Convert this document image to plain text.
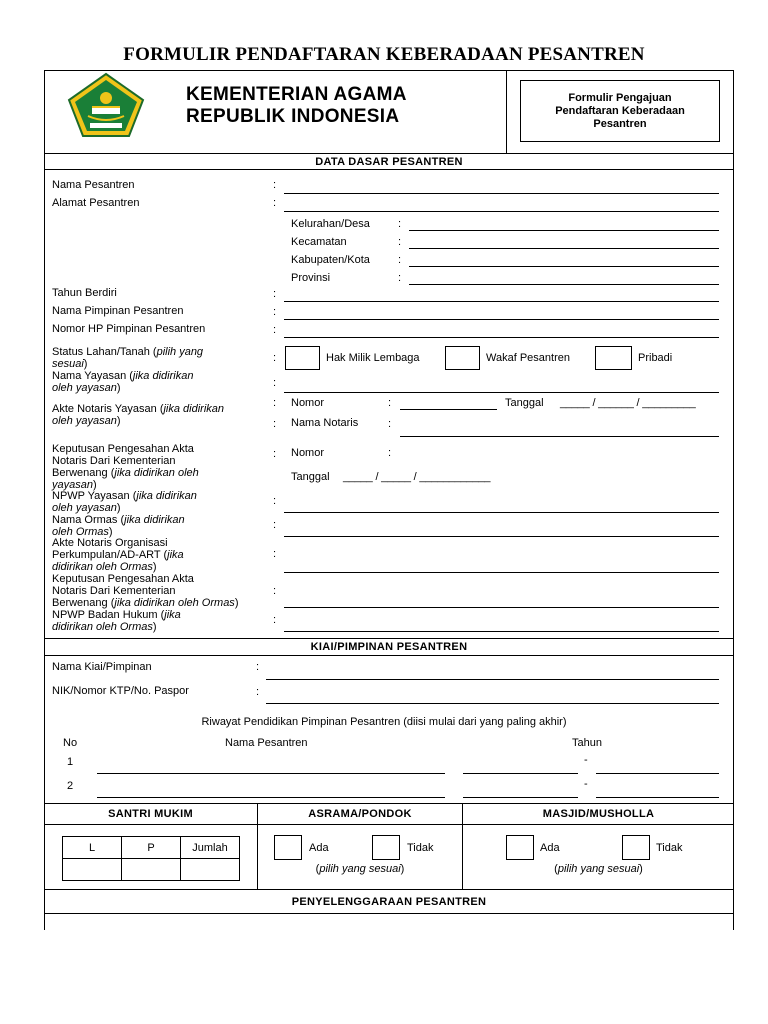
FORMULIR PENDAFTARAN KEBERADAAN PESANTREN
KEMENTERIAN AGAMA
REPUBLIK INDONESIA
Formulir Pengajuan
Pendaftaran Keberadaan
Pesantren
DATA DASAR PESANTREN
Nama Pesantren	:
Alamat Pesantren	:
Kelurahan/Desa	:
Kecamatan	:
Kabupaten/Kota	:
Provinsi	:
Tahun Berdiri	:
Nama Pimpinan Pesantren	:
Nomor HP Pimpinan Pesantren	:
Status Lahan/Tanah (pilih yang
sesuai)	:	Hak Milik Lembaga	Wakaf Pesantren	Pribadi
Nama Yayasan (jika didirikan
oleh yayasan)	:
Akte Notaris Yayasan (jika didirikan
oleh yayasan)
: Nomor	:	Tanggal _____ / ______ / _________
: Nama Notaris	:
Keputusan Pengesahan Akta
Notaris Dari Kementerian
Berwenang (jika didirikan oleh
yayasan)
: Nomor	:
Tanggal _____ / _____ / ____________
NPWP Yayasan (jika didirikan
oleh yayasan)
:
Nama Ormas (jika didirikan
oleh Ormas)
:
Akte Notaris Organisasi
Perkumpulan/AD-ART (jika
didirikan oleh Ormas)
:
Keputusan Pengesahan Akta
Notaris Dari Kementerian
Berwenang (jika didirikan oleh Ormas)
:
NPWP Badan Hukum (jika
didirikan oleh Ormas)
:
KIAI/PIMPINAN PESANTREN
Nama Kiai/Pimpinan	:
NIK/Nomor KTP/No. Paspor	:
Riwayat Pendidikan Pimpinan Pesantren (diisi mulai dari yang paling akhir)
No	Nama Pesantren	Tahun
1	-
2	-
SANTRI MUKIM	ASRAMA/PONDOK	MASJID/MUSHOLLA
L	P	Jumlah
			Ada	Tidak
(pilih yang sesuai)
Ada	Tidak
(pilih yang sesuai)
PENYELENGGARAAN PESANTREN
